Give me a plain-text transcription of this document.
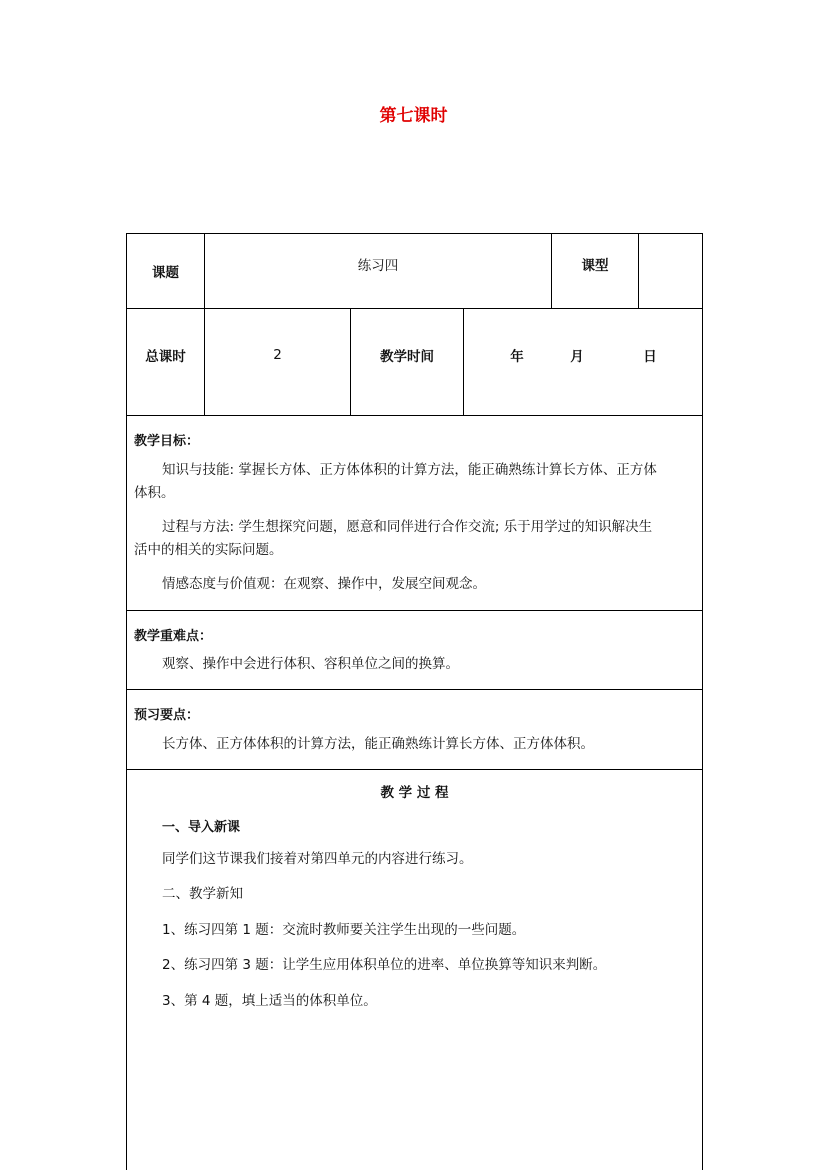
第七课时
课题	练习四	课型
总课时	2	教学时间	年	月	日
教学目标：
知识与技能: 掌握长方体、正方体体积的计算方法，能正确熟练计算长方体、正方体
体积。
过程与方法: 学生想探究问题，愿意和同伴进行合作交流; 乐于用学过的知识解决生
活中的相关的实际问题。
情感态度与价值观：在观察、操作中，发展空间观念。
教学重难点：
观察、操作中会进行体积、容积单位之间的换算。
预习要点：
长方体、正方体体积的计算方法，能正确熟练计算长方体、正方体体积。
教 学 过 程
一、导入新课
同学们这节课我们接着对第四单元的内容进行练习。
二、教学新知
1、练习四第 1 题：交流时教师要关注学生出现的一些问题。
2、练习四第 3 题：让学生应用体积单位的进率、单位换算等知识来判断。
3、第 4 题，填上适当的体积单位。
